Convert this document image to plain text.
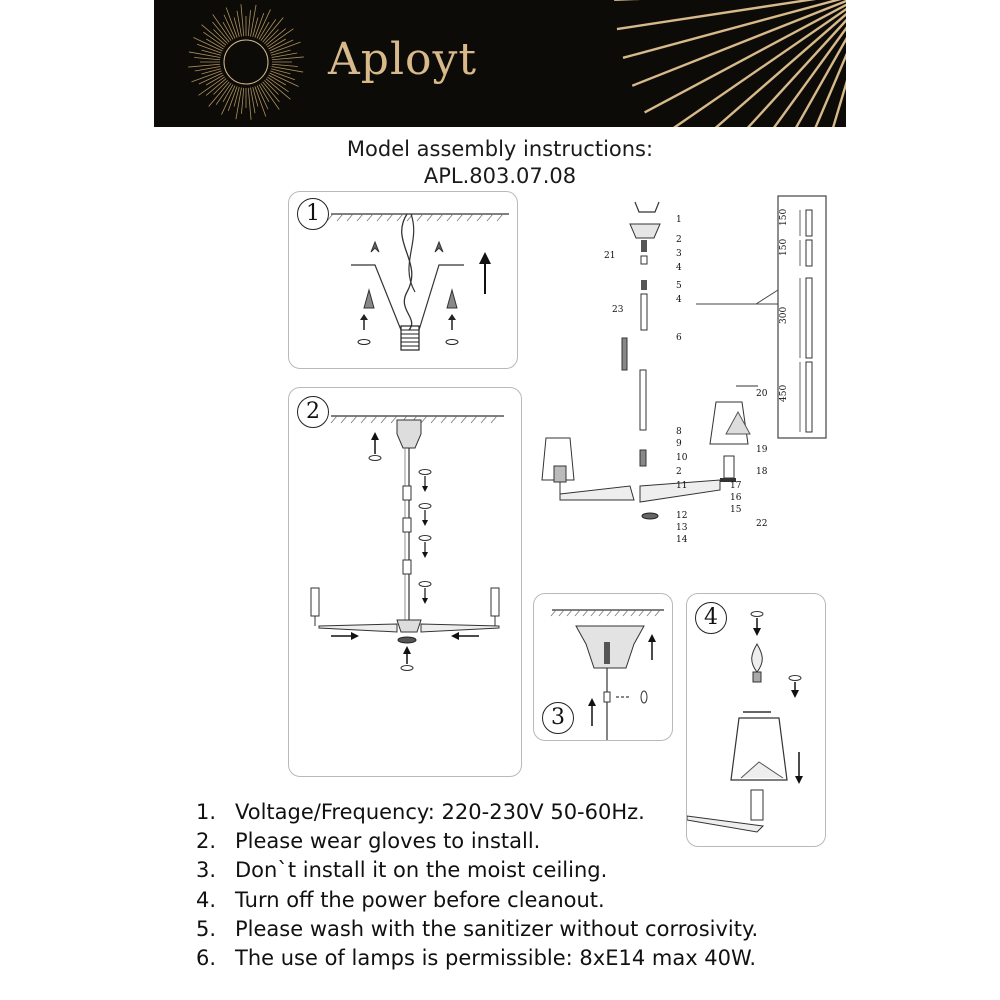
Aployt
Model assembly instructions:
APL.803.07.08
1
2
1
2
3
4
5
4
6
8
9
10
2
11
12
13
14
15
16
17
18
19
20
21
22
23
150
150
300
450
3
4
1. Voltage/Frequency: 220-230V 50-60Hz.
2. Please wear gloves to install.
3. Don`t install it on the moist ceiling.
4. Turn off the power before cleanout.
5. Please wash with the sanitizer without corrosivity.
6. The use of lamps is permissible: 8xE14 max 40W.
